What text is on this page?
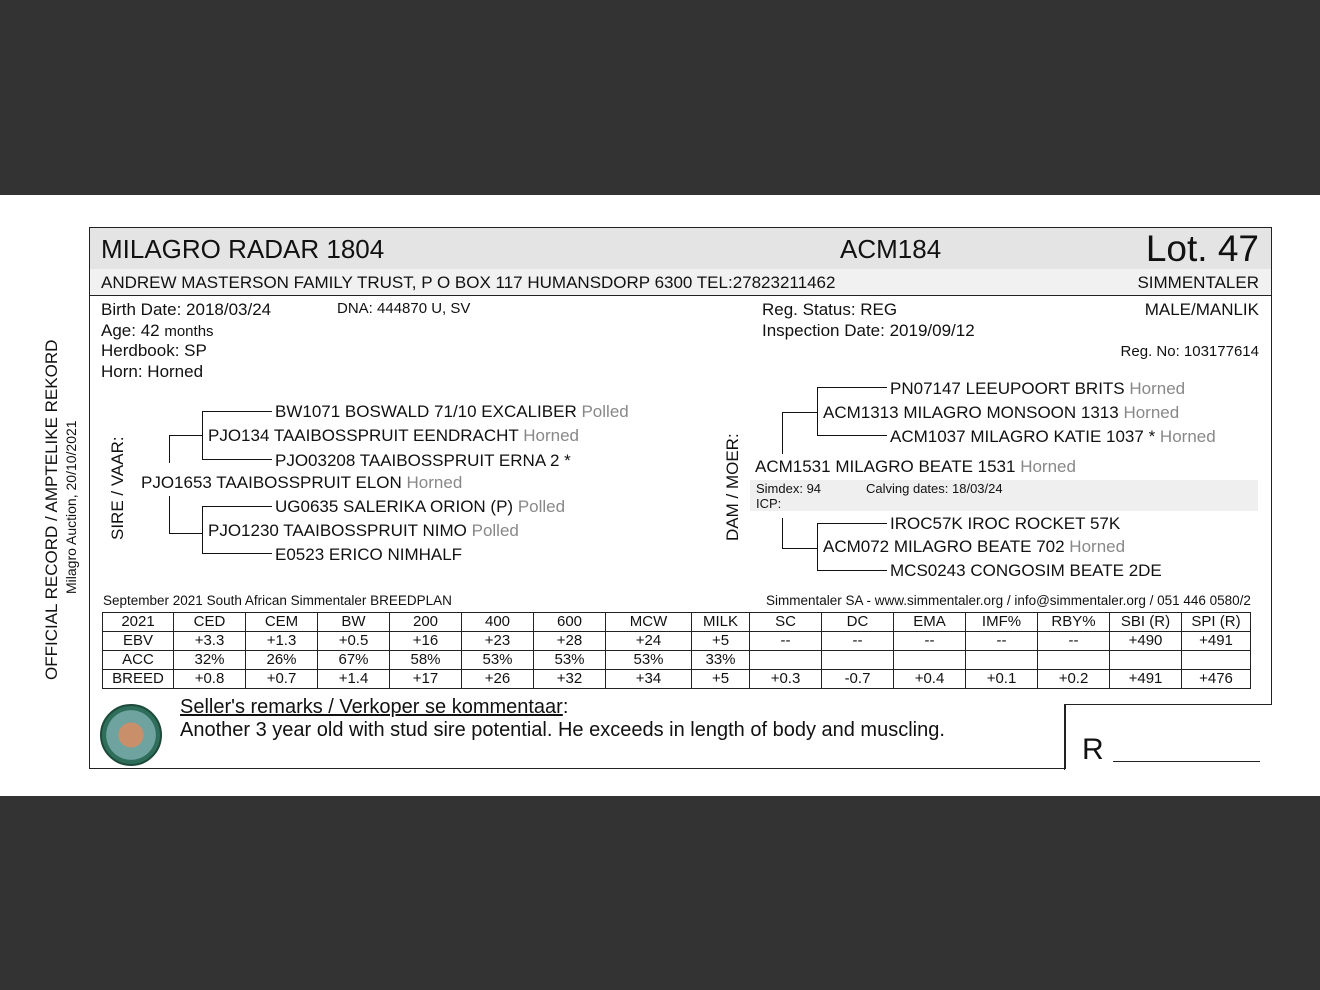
OFFICIAL RECORD / AMPTELIKE REKORD Milagro Auction, 20/10/2021
MILAGRO RADAR 1804	ACM184	Lot. 47
ANDREW MASTERSON FAMILY TRUST, P O BOX 117 HUMANSDORP 6300 TEL:27823211462	SIMMENTALER
Birth Date: 2018/03/24	DNA: 444870 U, SV
Age: 42 months
Herdbook: SP
Horn: Horned
Reg. Status: REG
Inspection Date: 2019/09/12
MALE/MANLIK
Reg. No: 103177614
SIRE / VAAR:
BW1071 BOSWALD 71/10 EXCALIBER Polled
PJO134 TAAIBOSSPRUIT EENDRACHT Horned
PJO03208 TAAIBOSSPRUIT ERNA 2 *
PJO1653 TAAIBOSSPRUIT ELON Horned
UG0635 SALERIKA ORION (P) Polled
PJO1230 TAAIBOSSPRUIT NIMO Polled
E0523 ERICO NIMHALF
DAM / MOER:
PN07147 LEEUPOORT BRITS Horned
ACM1313 MILAGRO MONSOON 1313 Horned
ACM1037 MILAGRO KATIE 1037 * Horned
ACM1531 MILAGRO BEATE 1531 Horned
Simdex: 94	Calving dates: 18/03/24
ICP:
IROC57K IROC ROCKET 57K
ACM072 MILAGRO BEATE 702 Horned
MCS0243 CONGOSIM BEATE 2DE
September 2021 South African Simmentaler BREEDPLAN	Simmentaler SA - www.simmentaler.org / info@simmentaler.org / 051 446 0580/2
2021	CED	CEM	BW	200	400	600	MCW	MILK	SC	DC	EMA	IMF%	RBY%	SBI (R)	SPI (R)
EBV	+3.3	+1.3	+0.5	+16	+23	+28	+24	+5	--	--	--	--	--	+490	+491
ACC	32%	26%	67%	58%	53%	53%	53%	33%							
BREED	+0.8	+0.7	+1.4	+17	+26	+32	+34	+5	+0.3	-0.7	+0.4	+0.1	+0.2	+491	+476
Seller's remarks / Verkoper se kommentaar:
Another 3 year old with stud sire potential. He exceeds in length of body and muscling.
R
